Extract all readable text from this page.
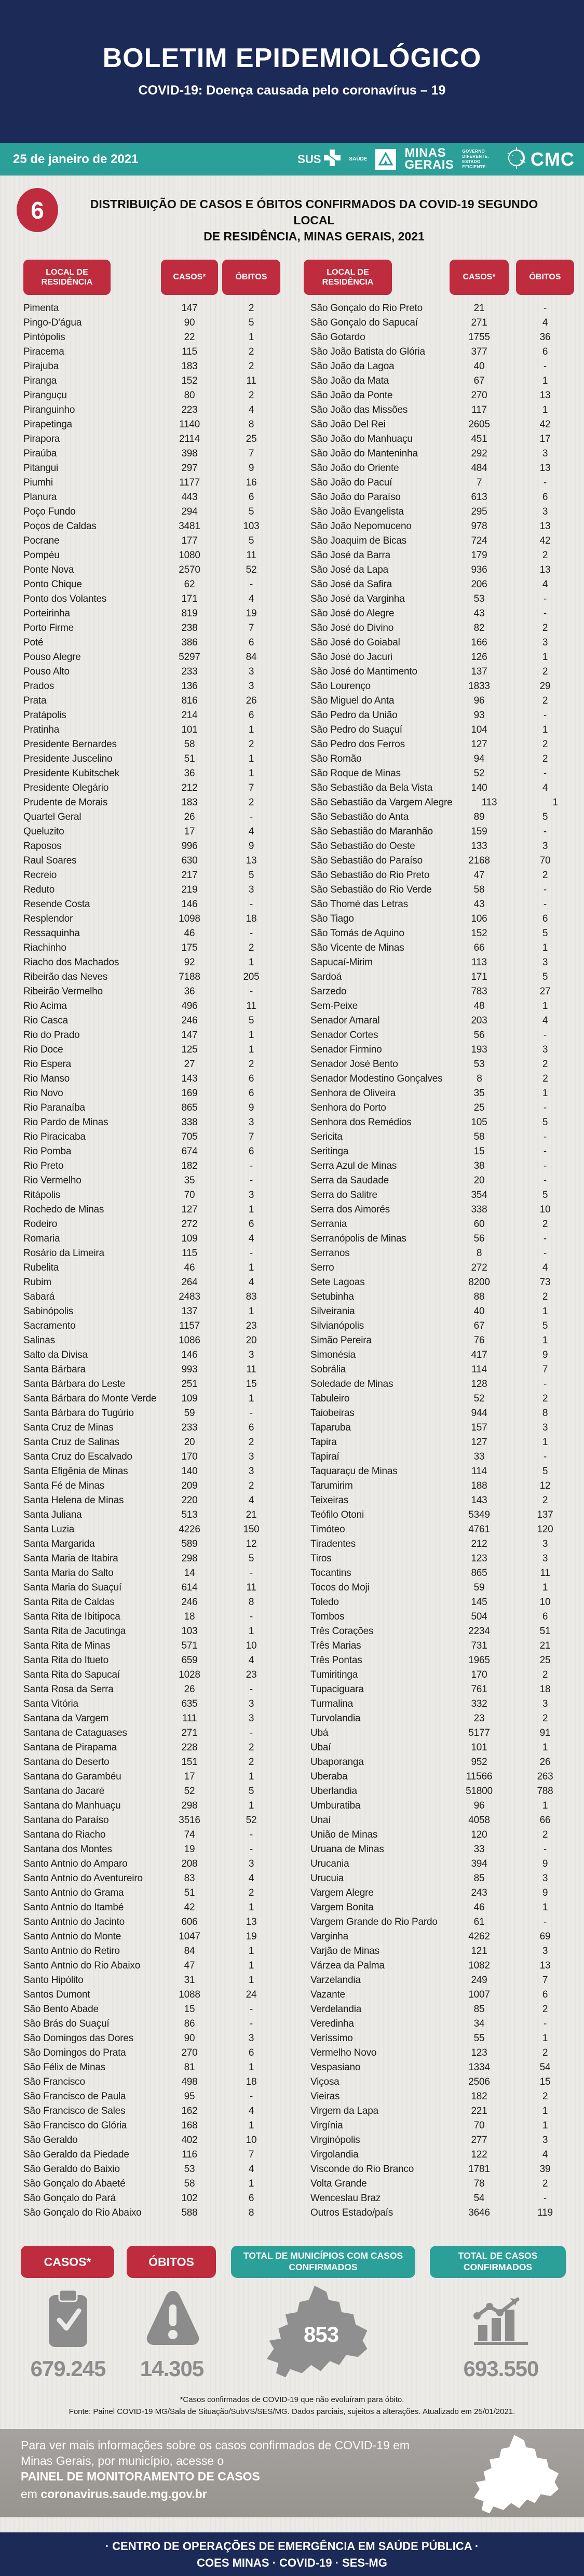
BOLETIM EPIDEMIOLÓGICO
COVID-19: Doença causada pelo coronavírus – 19
25 de janeiro de 2021	SUS	SAÚDE	MINAS
GERAIS
GOVERNO
DIFERENTE.
ESTADO
EFICIENTE. CMC
6	DISTRIBUIÇÃO DE CASOS E ÓBITOS CONFIRMADOS DA COVID-19 SEGUNDO LOCAL
DE RESIDÊNCIA, MINAS GERAIS, 2021
LOCAL DE RESIDÊNCIA
CASOS*	ÓBITOS
LOCAL DE RESIDÊNCIA
CASOS*	ÓBITOS
Pimenta	147	2
Pingo-D'água	90	5
Pintópolis	22	1
Piracema	115	2
Pirajuba	183	2
Piranga	152	11
Piranguçu	80	2
Piranguinho	223	4
Pirapetinga	1140	8
Pirapora	2114	25
Piraúba	398	7
Pitangui	297	9
Piumhi	1177	16
Planura	443	6
Poço Fundo	294	5
Poços de Caldas	3481	103
Pocrane	177	5
Pompéu	1080	11
Ponte Nova	2570	52
Ponto Chique	62	-
Ponto dos Volantes	171	4
Porteirinha	819	19
Porto Firme	238	7
Poté	386	6
Pouso Alegre	5297	84
Pouso Alto	233	3
Prados	136	3
Prata	816	26
Pratápolis	214	6
Pratinha	101	1
Presidente Bernardes	58	2
Presidente Juscelino	51	1
Presidente Kubitschek	36	1
Presidente Olegário	212	7
Prudente de Morais	183	2
Quartel Geral	26	-
Queluzito	17	4
Raposos	996	9
Raul Soares	630	13
Recreio	217	5
Reduto	219	3
Resende Costa	146	-
Resplendor	1098	18
Ressaquinha	46	-
Riachinho	175	2
Riacho dos Machados	92	1
Ribeirão das Neves	7188	205
Ribeirão Vermelho	36	-
Rio Acima	496	11
Rio Casca	246	5
Rio do Prado	147	1
Rio Doce	125	1
Rio Espera	27	2
Rio Manso	143	6
Rio Novo	169	6
Rio Paranaíba	865	9
Rio Pardo de Minas	338	3
Rio Piracicaba	705	7
Rio Pomba	674	6
Rio Preto	182	-
Rio Vermelho	35	-
Ritápolis	70	3
Rochedo de Minas	127	1
Rodeiro	272	6
Romaria	109	4
Rosário da Limeira	115	-
Rubelita	46	1
Rubim	264	4
Sabará	2483	83
Sabinópolis	137	1
Sacramento	1157	23
Salinas	1086	20
Salto da Divisa	146	3
Santa Bárbara	993	11
Santa Bárbara do Leste	251	15
Santa Bárbara do Monte Verde	109	1
Santa Bárbara do Tugúrio	59	-
Santa Cruz de Minas	233	6
Santa Cruz de Salinas	20	2
Santa Cruz do Escalvado	170	3
Santa Efigênia de Minas	140	3
Santa Fé de Minas	209	2
Santa Helena de Minas	220	4
Santa Juliana	513	21
Santa Luzia	4226	150
Santa Margarida	589	12
Santa Maria de Itabira	298	5
Santa Maria do Salto	14	-
Santa Maria do Suaçuí	614	11
Santa Rita de Caldas	246	8
Santa Rita de Ibitipoca	18	-
Santa Rita de Jacutinga	103	1
Santa Rita de Minas	571	10
Santa Rita do Itueto	659	4
Santa Rita do Sapucaí	1028	23
Santa Rosa da Serra	26	-
Santa Vitória	635	3
Santana da Vargem	111	3
Santana de Cataguases	271	-
Santana de Pirapama	228	2
Santana do Deserto	151	2
Santana do Garambéu	17	1
Santana do Jacaré	52	5
Santana do Manhuaçu	298	1
Santana do Paraíso	3516	52
Santana do Riacho	74	-
Santana dos Montes	19	-
Santo Antnio do Amparo	208	3
Santo Antnio do Aventureiro	83	4
Santo Antnio do Grama	51	2
Santo Antnio do Itambé	42	1
Santo Antnio do Jacinto	606	13
Santo Antnio do Monte	1047	19
Santo Antnio do Retiro	84	1
Santo Antnio do Rio Abaixo	47	1
Santo Hipólito	31	1
Santos Dumont	1088	24
São Bento Abade	15	-
São Brás do Suaçuí	86	-
São Domingos das Dores	90	3
São Domingos do Prata	270	6
São Félix de Minas	81	1
São Francisco	498	18
São Francisco de Paula	95	-
São Francisco de Sales	162	4
São Francisco do Glória	168	1
São Geraldo	402	10
São Geraldo da Piedade	116	7
São Geraldo do Baixio	53	4
São Gonçalo do Abaeté	58	1
São Gonçalo do Pará	102	6
São Gonçalo do Rio Abaixo	588	8
São Gonçalo do Rio Preto	21	-
São Gonçalo do Sapucaí	271	4
São Gotardo	1755	36
São João Batista do Glória	377	6
São João da Lagoa	40	-
São João da Mata	67	1
São João da Ponte	270	13
São João das Missões	117	1
São João Del Rei	2605	42
São João do Manhuaçu	451	17
São João do Manteninha	292	3
São João do Oriente	484	13
São João do Pacuí	7	-
São João do Paraíso	613	6
São João Evangelista	295	3
São João Nepomuceno	978	13
São Joaquim de Bicas	724	42
São José da Barra	179	2
São José da Lapa	936	13
São José da Safira	206	4
São José da Varginha	53	-
São José do Alegre	43	-
São José do Divino	82	2
São José do Goiabal	166	3
São José do Jacuri	126	1
São José do Mantimento	137	2
São Lourenço	1833	29
São Miguel do Anta	96	2
São Pedro da União	93	-
São Pedro do Suaçuí	104	1
São Pedro dos Ferros	127	2
São Romão	94	2
São Roque de Minas	52	-
São Sebastião da Bela Vista	140	4
São Sebastião da Vargem Alegre	113	1
São Sebastião do Anta	89	5
São Sebastião do Maranhão	159	-
São Sebastião do Oeste	133	3
São Sebastião do Paraíso	2168	70
São Sebastião do Rio Preto	47	2
São Sebastião do Rio Verde	58	-
São Thomé das Letras	43	-
São Tiago	106	6
São Tomás de Aquino	152	5
São Vicente de Minas	66	1
Sapucaí-Mirim	113	3
Sardoá	171	5
Sarzedo	783	27
Sem-Peixe	48	1
Senador Amaral	203	4
Senador Cortes	56	-
Senador Firmino	193	3
Senador José Bento	53	2
Senador Modestino Gonçalves	8	2
Senhora de Oliveira	35	1
Senhora do Porto	25	-
Senhora dos Remédios	105	5
Sericita	58	-
Seritinga	15	-
Serra Azul de Minas	38	-
Serra da Saudade	20	-
Serra do Salitre	354	5
Serra dos Aimorés	338	10
Serrania	60	2
Serranópolis de Minas	56	-
Serranos	8	-
Serro	272	4
Sete Lagoas	8200	73
Setubinha	88	2
Silveirania	40	1
Silvianópolis	67	5
Simão Pereira	76	1
Simonésia	417	9
Sobrália	114	7
Soledade de Minas	128	-
Tabuleiro	52	2
Taiobeiras	944	8
Taparuba	157	3
Tapira	127	1
Tapiraí	33	-
Taquaraçu de Minas	114	5
Tarumirim	188	12
Teixeiras	143	2
Teófilo Otoni	5349	137
Timóteo	4761	120
Tiradentes	212	3
Tiros	123	3
Tocantins	865	11
Tocos do Moji	59	1
Toledo	145	10
Tombos	504	6
Três Corações	2234	51
Três Marias	731	21
Três Pontas	1965	25
Tumiritinga	170	2
Tupaciguara	761	18
Turmalina	332	3
Turvolandia	23	2
Ubá	5177	91
Ubaí	101	1
Ubaporanga	952	26
Uberaba	11566	263
Uberlandia	51800	788
Umburatiba	96	1
Unaí	4058	66
União de Minas	120	2
Uruana de Minas	33	-
Urucania	394	9
Urucuia	85	3
Vargem Alegre	243	9
Vargem Bonita	46	1
Vargem Grande do Rio Pardo	61	-
Varginha	4262	69
Varjão de Minas	121	3
Várzea da Palma	1082	13
Varzelandia	249	7
Vazante	1007	6
Verdelandia	85	2
Veredinha	34	-
Veríssimo	55	1
Vermelho Novo	123	2
Vespasiano	1334	54
Viçosa	2506	15
Vieiras	182	2
Virgem da Lapa	221	1
Virgínia	70	1
Virginópolis	277	3
Virgolandia	122	4
Visconde do Rio Branco	1781	39
Volta Grande	78	2
Wenceslau Braz	54	-
Outros Estado/país	3646	119
CASOS*	ÓBITOS	TOTAL DE MUNICÍPIOS COM CASOS CONFIRMADOS
TOTAL DE CASOS CONFIRMADOS
679.245	14.305
853
693.550
*Casos confirmados de COVID-19 que não evoluíram para óbito.
Fonte: Painel COVID-19 MG/Sala de Situação/SubVS/SES/MG. Dados parciais, sujeitos a alterações. Atualizado em 25/01/2021.
Para ver mais informações sobre os casos confirmados de COVID-19 em
Minas Gerais, por município, acesse o
PAINEL DE MONITORAMENTO DE CASOS
em coronavirus.saude.mg.gov.br
· CENTRO DE OPERAÇÕES DE EMERGÊNCIA EM SAÚDE PÚBLICA ·
COES MINAS · COVID-19 · SES-MG
